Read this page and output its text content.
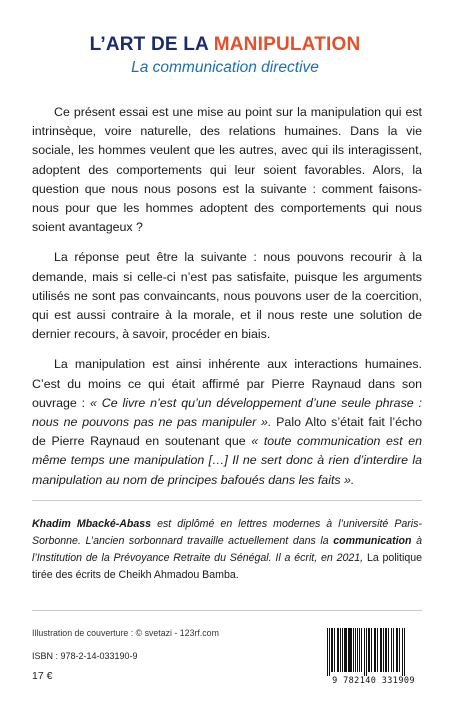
L’ART DE LA MANIPULATION
La communication directive

Ce présent essai est une mise au point sur la manipulation qui est intrinsèque, voire naturelle, des relations humaines. Dans la vie sociale, les hommes veulent que les autres, avec qui ils interagissent, adoptent des comportements qui leur soient favorables. Alors, la question que nous nous posons est la suivante : comment faisons-nous pour que les hommes adoptent des comportements qui nous soient avantageux ?

La réponse peut être la suivante : nous pouvons recourir à la demande, mais si celle-ci n’est pas satisfaite, puisque les arguments utilisés ne sont pas convaincants, nous pouvons user de la coercition, qui est aussi contraire à la morale, et il nous reste une solution de dernier recours, à savoir, procéder en biais.

La manipulation est ainsi inhérente aux interactions humaines. C’est du moins ce qui était affirmé par Pierre Raynaud dans son ouvrage : « Ce livre n’est qu’un développement d’une seule phrase : nous ne pouvons pas ne pas manipuler ». Palo Alto s’était fait l’écho de Pierre Raynaud en soutenant que « toute communication est en même temps une manipulation […] Il ne sert donc à rien d’interdire la manipulation au nom de principes bafoués dans les faits ».

Khadim Mbacké-Abass est diplômé en lettres modernes à l’université Paris-Sorbonne. L’ancien sorbonnard travaille actuellement dans la communication à l’Institution de la Prévoyance Retraite du Sénégal. Il a écrit, en 2021, La politique tirée des écrits de Cheikh Ahmadou Bamba.
Illustration de couverture : © svetazi - 123rf.com
ISBN : 978-2-14-033190-9
17 €	9 782140 331909
